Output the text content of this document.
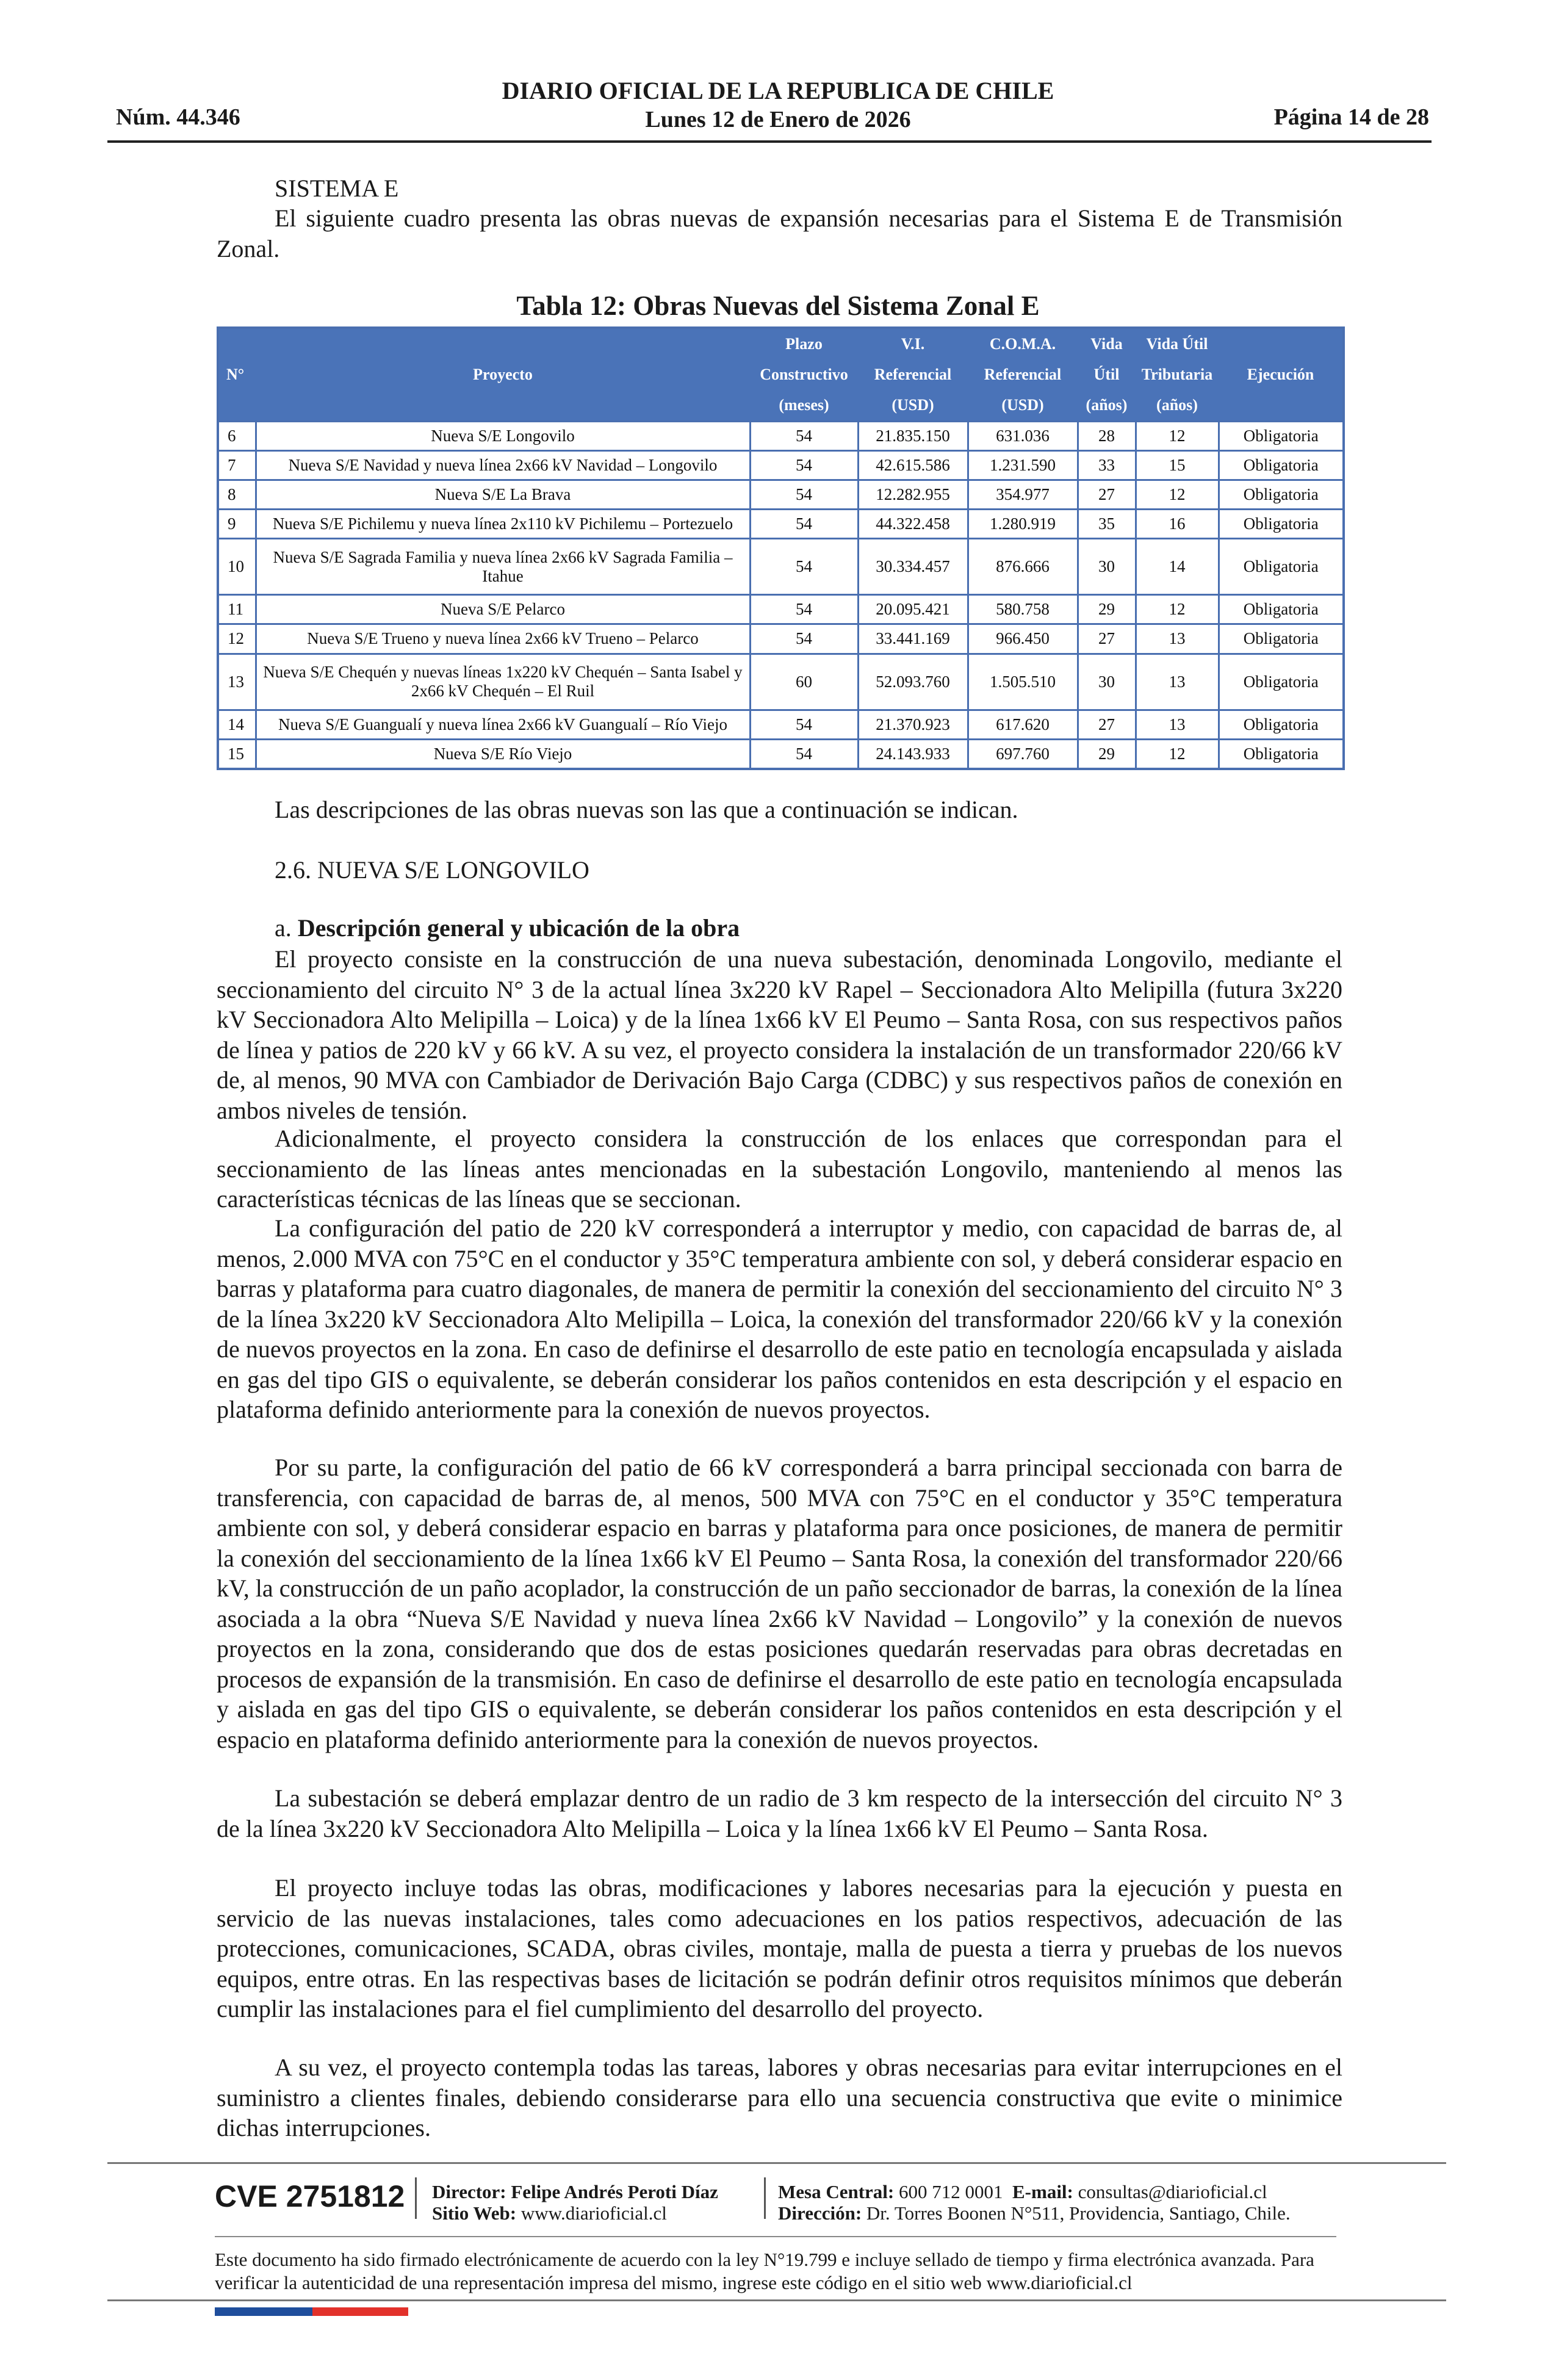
Núm. 44.346
DIARIO OFICIAL DE LA REPUBLICA DE CHILE
Lunes 12 de Enero de 2026	Página 14 de 28
SISTEMA E
El siguiente cuadro presenta las obras nuevas de expansión necesarias para el Sistema E de Transmisión Zonal.
Tabla 12: Obras Nuevas del Sistema Zonal E
N°	Proyecto	Plazo	V.I.	C.O.M.A.	Vida	Vida Útil	Ejecución
		Constructivo	Referencial	Referencial	Útil	Tributaria	
		(meses)	(USD)	(USD)	(años)	(años)	
6	Nueva S/E Longovilo	54	21.835.150	631.036	28	12	Obligatoria
7	Nueva S/E Navidad y nueva línea 2x66 kV Navidad – Longovilo	54	42.615.586	1.231.590	33	15	Obligatoria
8	Nueva S/E La Brava	54	12.282.955	354.977	27	12	Obligatoria
9	Nueva S/E Pichilemu y nueva línea 2x110 kV Pichilemu – Portezuelo	54	44.322.458	1.280.919	35	16	Obligatoria
10	Nueva S/E Sagrada Familia y nueva línea 2x66 kV Sagrada Familia – Itahue	54	30.334.457	876.666	30	14	Obligatoria
11	Nueva S/E Pelarco	54	20.095.421	580.758	29	12	Obligatoria
12	Nueva S/E Trueno y nueva línea 2x66 kV Trueno – Pelarco	54	33.441.169	966.450	27	13	Obligatoria
13	Nueva S/E Chequén y nuevas líneas 1x220 kV Chequén – Santa Isabel y 2x66 kV Chequén – El Ruil	60	52.093.760	1.505.510	30	13	Obligatoria
14	Nueva S/E Guangualí y nueva línea 2x66 kV Guangualí – Río Viejo	54	21.370.923	617.620	27	13	Obligatoria
15	Nueva S/E Río Viejo	54	24.143.933	697.760	29	12	Obligatoria
Las descripciones de las obras nuevas son las que a continuación se indican.
2.6. NUEVA S/E LONGOVILO
a. Descripción general y ubicación de la obra
El proyecto consiste en la construcción de una nueva subestación, denominada Longovilo, mediante el seccionamiento del circuito N° 3 de la actual línea 3x220 kV Rapel – Seccionadora Alto Melipilla (futura 3x220 kV Seccionadora Alto Melipilla – Loica) y de la línea 1x66 kV El Peumo – Santa Rosa, con sus respectivos paños de línea y patios de 220 kV y 66 kV. A su vez, el proyecto considera la instalación de un transformador 220/66 kV de, al menos, 90 MVA con Cambiador de Derivación Bajo Carga (CDBC) y sus respectivos paños de conexión en ambos niveles de tensión.
Adicionalmente, el proyecto considera la construcción de los enlaces que correspondan para el seccionamiento de las líneas antes mencionadas en la subestación Longovilo, manteniendo al menos las características técnicas de las líneas que se seccionan.
La configuración del patio de 220 kV corresponderá a interruptor y medio, con capacidad de barras de, al menos, 2.000 MVA con 75°C en el conductor y 35°C temperatura ambiente con sol, y deberá considerar espacio en barras y plataforma para cuatro diagonales, de manera de permitir la conexión del seccionamiento del circuito N° 3 de la línea 3x220 kV Seccionadora Alto Melipilla – Loica, la conexión del transformador 220/66 kV y la conexión de nuevos proyectos en la zona. En caso de definirse el desarrollo de este patio en tecnología encapsulada y aislada en gas del tipo GIS o equivalente, se deberán considerar los paños contenidos en esta descripción y el espacio en plataforma definido anteriormente para la conexión de nuevos proyectos.
Por su parte, la configuración del patio de 66 kV corresponderá a barra principal seccionada con barra de transferencia, con capacidad de barras de, al menos, 500 MVA con 75°C en el conductor y 35°C temperatura ambiente con sol, y deberá considerar espacio en barras y plataforma para once posiciones, de manera de permitir la conexión del seccionamiento de la línea 1x66 kV El Peumo – Santa Rosa, la conexión del transformador 220/66 kV, la construcción de un paño acoplador, la construcción de un paño seccionador de barras, la conexión de la línea asociada a la obra “Nueva S/E Navidad y nueva línea 2x66 kV Navidad – Longovilo” y la conexión de nuevos proyectos en la zona, considerando que dos de estas posiciones quedarán reservadas para obras decretadas en procesos de expansión de la transmisión. En caso de definirse el desarrollo de este patio en tecnología encapsulada y aislada en gas del tipo GIS o equivalente, se deberán considerar los paños contenidos en esta descripción y el espacio en plataforma definido anteriormente para la conexión de nuevos proyectos.
La subestación se deberá emplazar dentro de un radio de 3 km respecto de la intersección del circuito N° 3 de la línea 3x220 kV Seccionadora Alto Melipilla – Loica y la línea 1x66 kV El Peumo – Santa Rosa.
El proyecto incluye todas las obras, modificaciones y labores necesarias para la ejecución y puesta en servicio de las nuevas instalaciones, tales como adecuaciones en los patios respectivos, adecuación de las protecciones, comunicaciones, SCADA, obras civiles, montaje, malla de puesta a tierra y pruebas de los nuevos equipos, entre otras. En las respectivas bases de licitación se podrán definir otros requisitos mínimos que deberán cumplir las instalaciones para el fiel cumplimiento del desarrollo del proyecto.
A su vez, el proyecto contempla todas las tareas, labores y obras necesarias para evitar interrupciones en el suministro a clientes finales, debiendo considerarse para ello una secuencia constructiva que evite o minimice dichas interrupciones.
CVE 2751812 Director: Felipe Andrés Peroti Díaz
Sitio Web: www.diarioficial.cl
Mesa Central: 600 712 0001 E-mail: consultas@diarioficial.cl
Dirección: Dr. Torres Boonen N°511, Providencia, Santiago, Chile.
Este documento ha sido firmado electrónicamente de acuerdo con la ley N°19.799 e incluye sellado de tiempo y firma electrónica avanzada. Para verificar la autenticidad de una representación impresa del mismo, ingrese este código en el sitio web www.diarioficial.cl
